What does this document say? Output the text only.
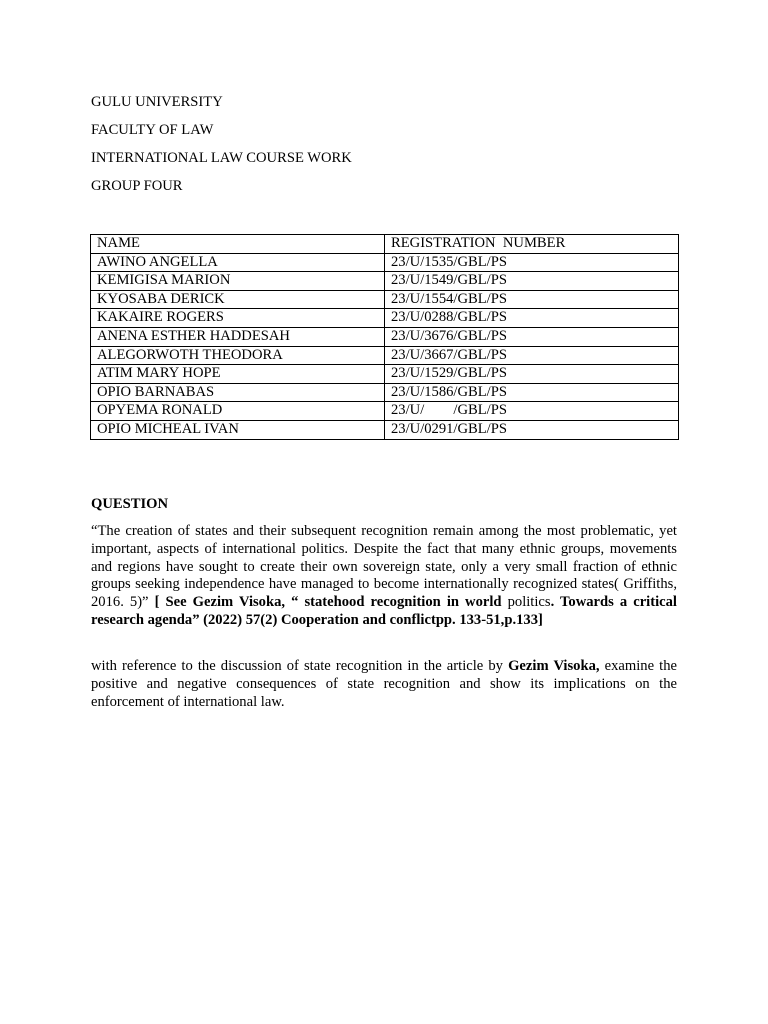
GULU UNIVERSITY

FACULTY OF LAW

INTERNATIONAL LAW COURSE WORK

GROUP FOUR

NAME	REGISTRATION  NUMBER
AWINO ANGELLA	23/U/1535/GBL/PS
KEMIGISA MARION	23/U/1549/GBL/PS
KYOSABA DERICK	23/U/1554/GBL/PS
KAKAIRE ROGERS	23/U/0288/GBL/PS
ANENA ESTHER HADDESAH	23/U/3676/GBL/PS
ALEGORWOTH THEODORA	23/U/3667/GBL/PS
ATIM MARY HOPE	23/U/1529/GBL/PS
OPIO BARNABAS	23/U/1586/GBL/PS
OPYEMA RONALD	23/U/        /GBL/PS
OPIO MICHEAL IVAN	23/U/0291/GBL/PS

QUESTION

“The creation of states and their subsequent recognition remain among the most problematic, yet important, aspects of international politics. Despite the fact that many ethnic groups, movements and regions have sought to create their own sovereign state, only a very small fraction of ethnic groups seeking independence have managed to become internationally recognized states( Griffiths, 2016. 5)” [ See Gezim Visoka, “ statehood recognition in world politics. Towards a critical research agenda” (2022) 57(2) Cooperation and conflictpp. 133-51,p.133]

with reference to the discussion of state recognition in the article by Gezim Visoka, examine the positive and negative consequences of state recognition and show its implications on the enforcement of international law.
